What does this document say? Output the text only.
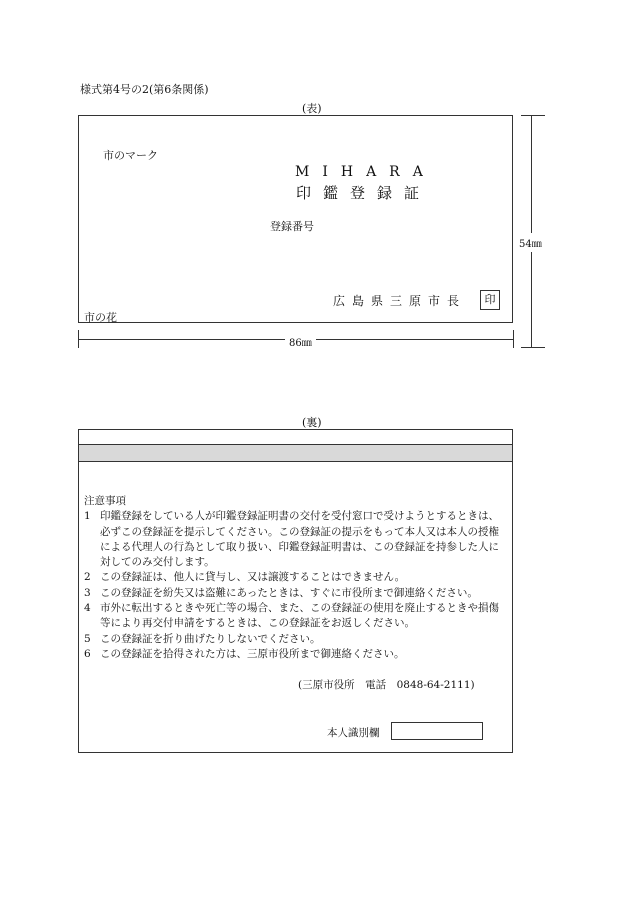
様式第4号の2(第6条関係)
(表)
市のマーク
MIHARA
印鑑登録証
登録番号
広島県三原市長	印
市の花
86㎜
54㎜
(裏)
注意事項
1 印鑑登録をしている人が印鑑登録証明書の交付を受付窓口で受けようとするときは、必ずこの登録証を提示してください。この登録証の提示をもって本人又は本人の授権による代理人の行為として取り扱い、印鑑登録証明書は、この登録証を持参した人に対してのみ交付します。
2 この登録証は、他人に貸与し、又は譲渡することはできません。
3 この登録証を紛失又は盗難にあったときは、すぐに市役所まで御連絡ください。
4 市外に転出するときや死亡等の場合、また、この登録証の使用を廃止するときや損傷等により再交付申請をするときは、この登録証をお返しください。
5 この登録証を折り曲げたりしないでください。
6 この登録証を拾得された方は、三原市役所まで御連絡ください。
(三原市役所　電話　0848-64-2111)
本人識別欄
